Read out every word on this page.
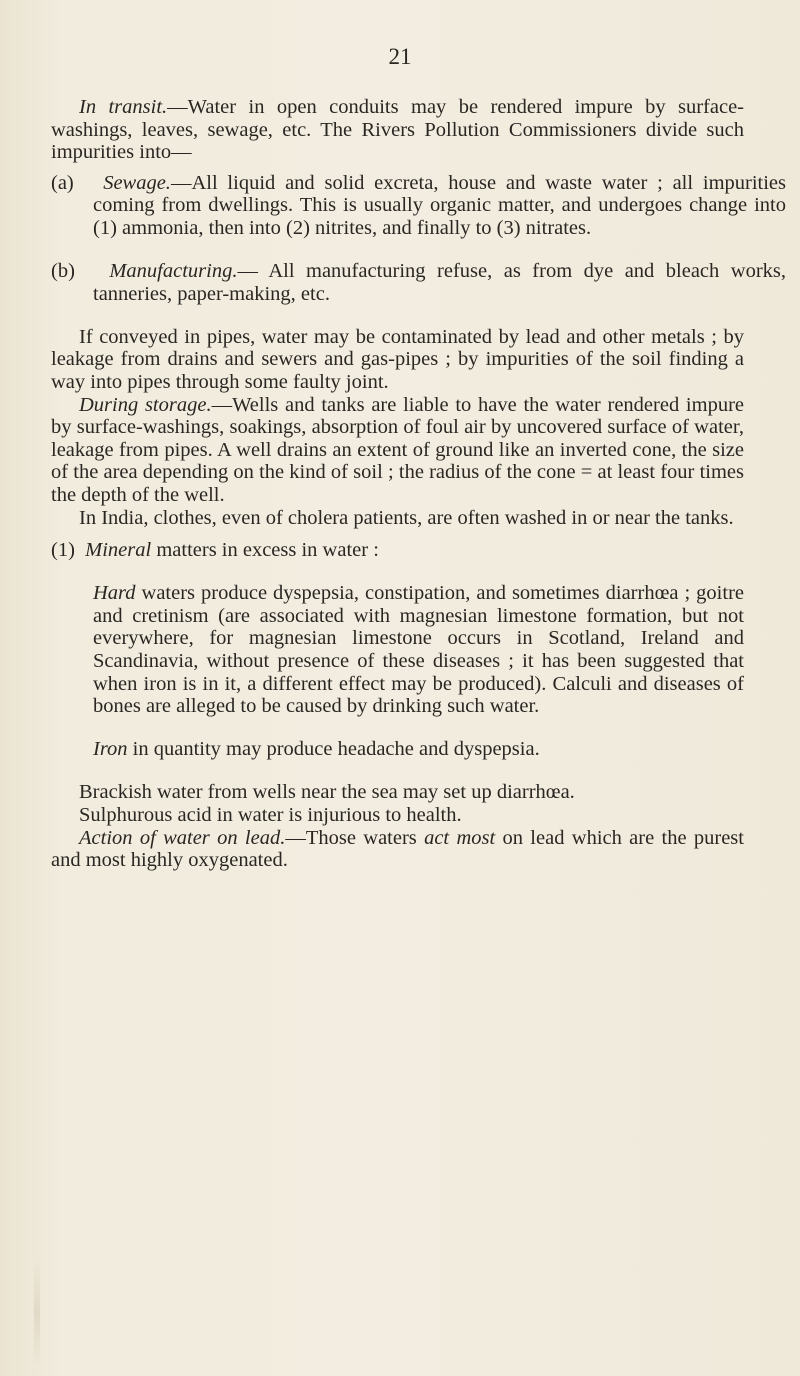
21

In transit.—Water in open conduits may be rendered impure by surface-washings, leaves, sewage, etc. The Rivers Pollution Commissioners divide such impurities into—

(a) Sewage.—All liquid and solid excreta, house and waste water ; all impurities coming from dwellings. This is usually organic matter, and undergoes change into (1) ammonia, then into (2) nitrites, and finally to (3) nitrates.

(b) Manufacturing.— All manufacturing refuse, as from dye and bleach works, tanneries, paper-making, etc.

If conveyed in pipes, water may be contaminated by lead and other metals ; by leakage from drains and sewers and gas-pipes ; by impurities of the soil finding a way into pipes through some faulty joint.

During storage.—Wells and tanks are liable to have the water rendered impure by surface-washings, soakings, absorption of foul air by uncovered surface of water, leakage from pipes. A well drains an extent of ground like an inverted cone, the size of the area depending on the kind of soil ; the radius of the cone = at least four times the depth of the well.

In India, clothes, even of cholera patients, are often washed in or near the tanks.

(1) Mineral matters in excess in water :

Hard waters produce dyspepsia, constipation, and sometimes diarrhœa ; goitre and cretinism (are associated with magnesian limestone formation, but not everywhere, for magnesian limestone occurs in Scotland, Ireland and Scandinavia, without presence of these diseases ; it has been suggested that when iron is in it, a different effect may be produced). Calculi and diseases of bones are alleged to be caused by drinking such water.

Iron in quantity may produce headache and dyspepsia.

Brackish water from wells near the sea may set up diarrhœa.

Sulphurous acid in water is injurious to health.

Action of water on lead.—Those waters act most on lead which are the purest and most highly oxygenated.
